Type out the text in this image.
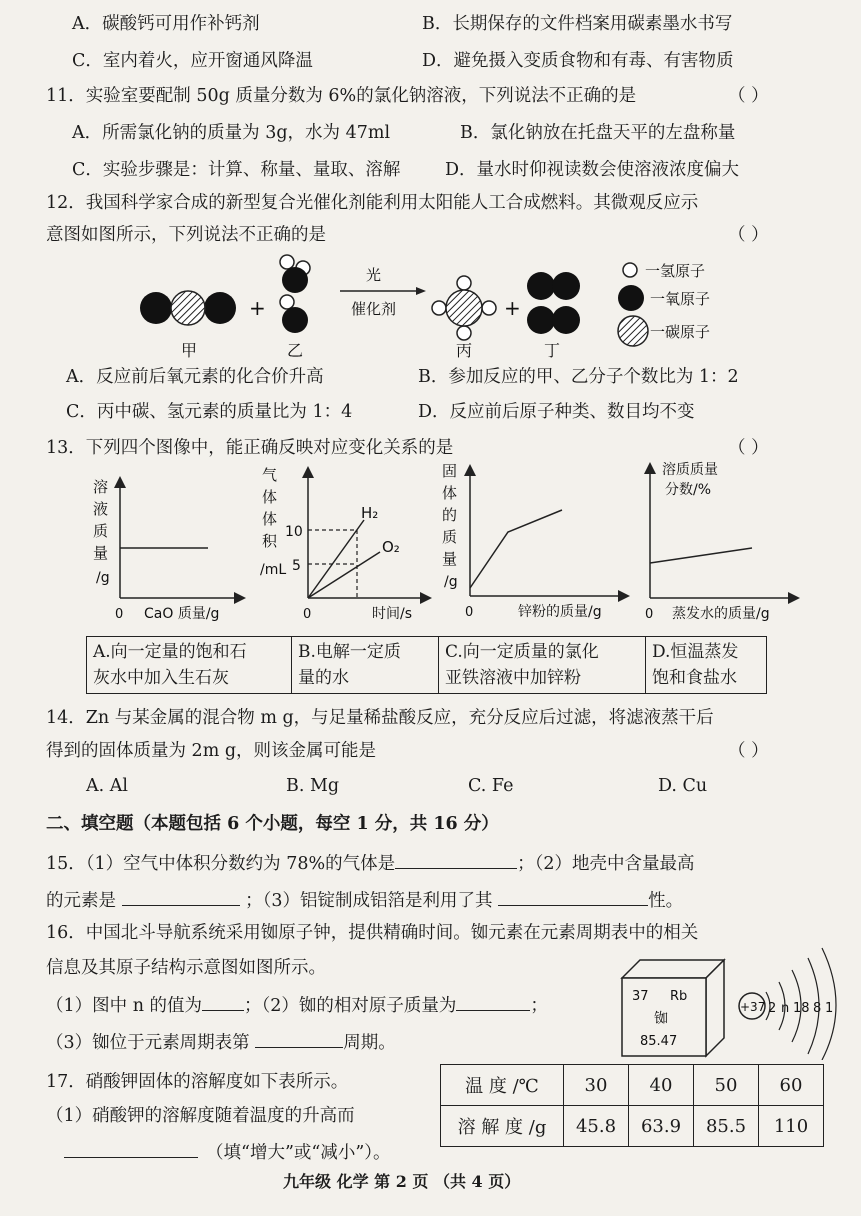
A．碳酸钙可用作补钙剂	B．长期保存的文件档案用碳素墨水书写
C．室内着火，应开窗通风降温	D．避免摄入变质食物和有毒、有害物质
11．实验室要配制 50g 质量分数为 6%的氯化钠溶液，下列说法不正确的是	（ ）
A．所需氯化钠的质量为 3g，水为 47ml	B．氯化钠放在托盘天平的左盘称量
C．实验步骤是：计算、称量、量取、溶解	D．量水时仰视读数会使溶液浓度偏大
12．我国科学家合成的新型复合光催化剂能利用太阳能人工合成燃料。其微观反应示
意图如图所示，下列说法不正确的是	（ ）
+
光
催化剂	+
甲	乙	丙	丁
一氢原子
一氧原子
一碳原子
A．反应前后氧元素的化合价升高	B．参加反应的甲、乙分子个数比为 1：2
C．丙中碳、氢元素的质量比为 1：4	D．反应前后原子种类、数目均不变
13．下列四个图像中，能正确反映对应变化关系的是	（ ）
溶
液
质
量
/g
0 CaO 质量/g
气
体
体
积
/mL
10
5
H₂
O₂
0	时间/s
固
体
的
质
量
/g
0	锌粉的质量/g
溶质质量
分数/%
0 蒸发水的质量/g
A.向一定量的饱和石
灰水中加入生石灰	B.电解一定质
量的水	C.向一定质量的氯化
亚铁溶液中加锌粉	D.恒温蒸发
饱和食盐水
14．Zn 与某金属的混合物 m g，与足量稀盐酸反应，充分反应后过滤，将滤液蒸干后
得到的固体质量为 2m g，则该金属可能是	（ ）
A. Al	B. Mg	C. Fe	D. Cu
二、填空题（本题包括 6 个小题，每空 1 分，共 16 分）
15．（1）空气中体积分数约为 78%的气体是	；（2）地壳中含量最高
的元素是	；（3）铝锭制成铝箔是利用了其	性。
16．中国北斗导航系统采用铷原子钟，提供精确时间。铷元素在元素周期表中的相关
信息及其原子结构示意图如图所示。
（1）图中 n 的值为 ；（2）铷的相对原子质量为	；
（3）铷位于元素周期表第	周期。
37 Rb
铷
85.47
+37 2 n 18 8 1
17．硝酸钾固体的溶解度如下表所示。
（1）硝酸钾的溶解度随着温度的升高而
（填“增大”或“减小”）。
温 度 /℃	30	40	50	60
溶 解 度 /g	45.8	63.9	85.5	110
九年级 化学 第 2 页 （共 4 页）
